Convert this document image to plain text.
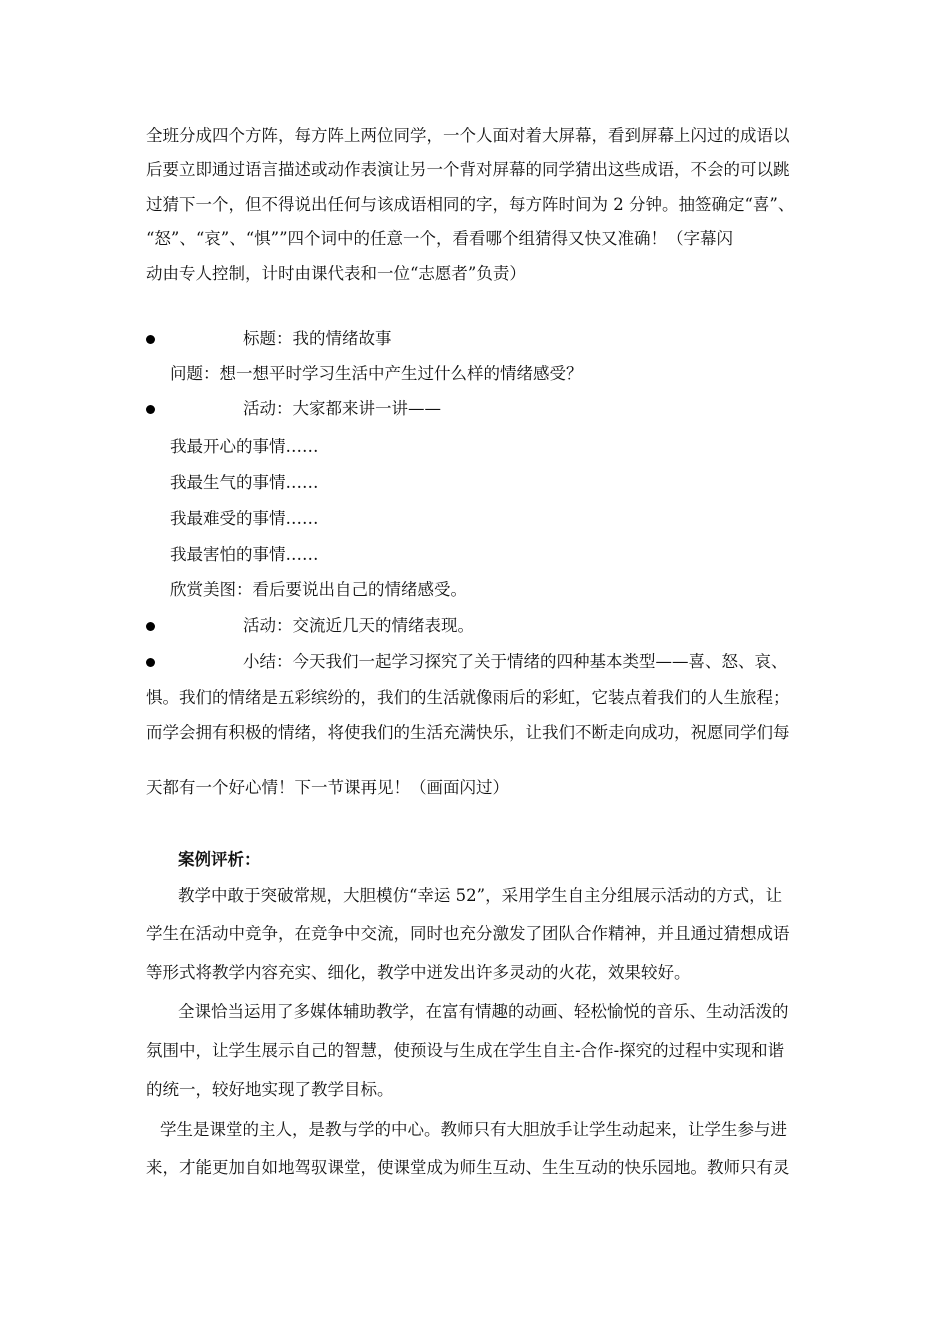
全班分成四个方阵，每方阵上两位同学，一个人面对着大屏幕，看到屏幕上闪过的成语以
后要立即通过语言描述或动作表演让另一个背对屏幕的同学猜出这些成语，不会的可以跳
过猜下一个，但不得说出任何与该成语相同的字，每方阵时间为 2 分钟。抽签确定“喜”、
“怒”、“哀”、“惧””四个词中的任意一个，看看哪个组猜得又快又准确！（字幕闪
动由专人控制，计时由课代表和一位“志愿者”负责）
标题：我的情绪故事
问题：想一想平时学习生活中产生过什么样的情绪感受？
活动：大家都来讲一讲——
我最开心的事情……
我最生气的事情……
我最难受的事情……
我最害怕的事情……
欣赏美图：看后要说出自己的情绪感受。
活动：交流近几天的情绪表现。
小结：今天我们一起学习探究了关于情绪的四种基本类型——喜、怒、哀、
惧。我们的情绪是五彩缤纷的，我们的生活就像雨后的彩虹，它装点着我们的人生旅程；
而学会拥有积极的情绪，将使我们的生活充满快乐，让我们不断走向成功，祝愿同学们每
天都有一个好心情！下一节课再见！（画面闪过）
案例评析：
教学中敢于突破常规，大胆模仿“幸运 52”，采用学生自主分组展示活动的方式，让
学生在活动中竞争，在竞争中交流，同时也充分激发了团队合作精神，并且通过猜想成语
等形式将教学内容充实、细化，教学中迸发出许多灵动的火花，效果较好。
全课恰当运用了多媒体辅助教学，在富有情趣的动画、轻松愉悦的音乐、生动活泼的
氛围中，让学生展示自己的智慧，使预设与生成在学生自主-合作-探究的过程中实现和谐
的统一，较好地实现了教学目标。
学生是课堂的主人，是教与学的中心。教师只有大胆放手让学生动起来，让学生参与进
来，才能更加自如地驾驭课堂，使课堂成为师生互动、生生互动的快乐园地。教师只有灵
